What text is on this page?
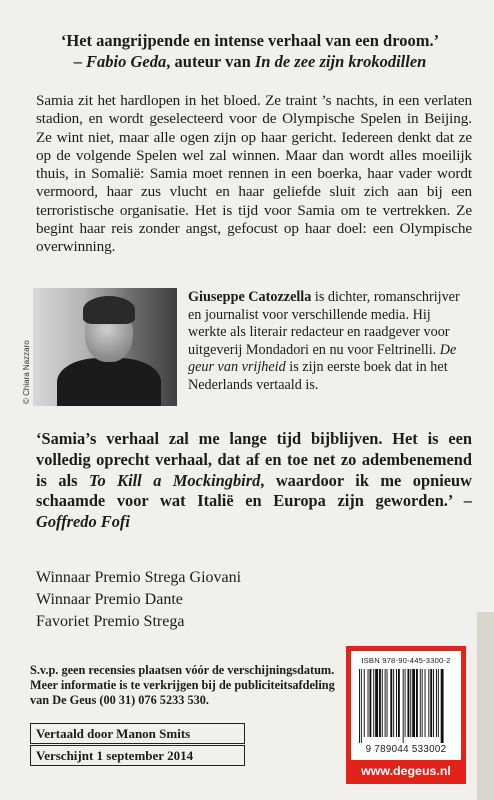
‘Het aangrijpende en intense verhaal van een droom.’
– Fabio Geda, auteur van In de zee zijn krokodillen
Samia zit het hardlopen in het bloed. Ze traint ’s nachts, in een verlaten stadion, en wordt geselecteerd voor de Olympische Spelen in Beijing. Ze wint niet, maar alle ogen zijn op haar gericht. Iedereen denkt dat ze op de volgende Spelen wel zal winnen. Maar dan wordt alles moeilijk thuis, in Somalië: Samia moet rennen in een boerka, haar vader wordt vermoord, haar zus vlucht en haar geliefde sluit zich aan bij een terroristische organisatie. Het is tijd voor Samia om te vertrekken. Ze begint haar reis zonder angst, gefocust op haar doel: een Olympische overwinning.
© Chiara Nazzaro
Giuseppe Catozzella is dichter, romanschrijver en journalist voor verschillende media. Hij werkte als literair redacteur en raadgever voor uitgeverij Mondadori en nu voor Feltrinelli. De geur van vrijheid is zijn eerste boek dat in het Nederlands vertaald is.
‘Samia’s verhaal zal me lange tijd bijblijven. Het is een volledig oprecht verhaal, dat af en toe net zo adembenemend is als To Kill a Mockingbird, waardoor ik me opnieuw schaamde voor wat Italië en Europa zijn geworden.’ – Goffredo Fofi
Winnaar Premio Strega Giovani
Winnaar Premio Dante
Favoriet Premio Strega
S.v.p. geen recensies plaatsen vóór de verschijningsdatum. Meer informatie is te verkrijgen bij de publiciteitsafdeling van De Geus (00 31) 076 5233 530.
Vertaald door Manon Smits
Verschijnt 1 september 2014
ISBN 978-90-445-3300-2
9 789044 533002
www.degeus.nl
